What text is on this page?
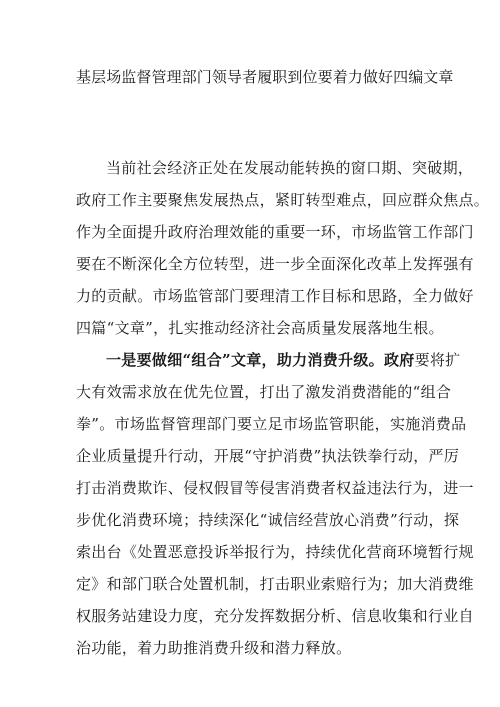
基层场监督管理部门领导者履职到位要着力做好四编文章
当前社会经济正处在发展动能转换的窗口期、突破期，
政府工作主要聚焦发展热点，紧盯转型难点，回应群众焦点。
作为全面提升政府治理效能的重要一环，市场监管工作部门
要在不断深化全方位转型，进一步全面深化改革上发挥强有
力的贡献。市场监管部门要理清工作目标和思路，全力做好
四篇“文章”，扎实推动经济社会高质量发展落地生根。
一是要做细“组合”文章，助力消费升级。政府要将扩
大有效需求放在优先位置，打出了激发消费潜能的“组合
拳”。市场监督管理部门要立足市场监管职能，实施消费品
企业质量提升行动，开展“守护消费”执法铁拳行动，严厉
打击消费欺诈、侵权假冒等侵害消费者权益违法行为，进一
步优化消费环境；持续深化“诚信经营放心消费”行动，探
索出台《处置恶意投诉举报行为，持续优化营商环境暂行规
定》和部门联合处置机制，打击职业索赔行为；加大消费维
权服务站建设力度，充分发挥数据分析、信息收集和行业自
治功能，着力助推消费升级和潜力释放。
